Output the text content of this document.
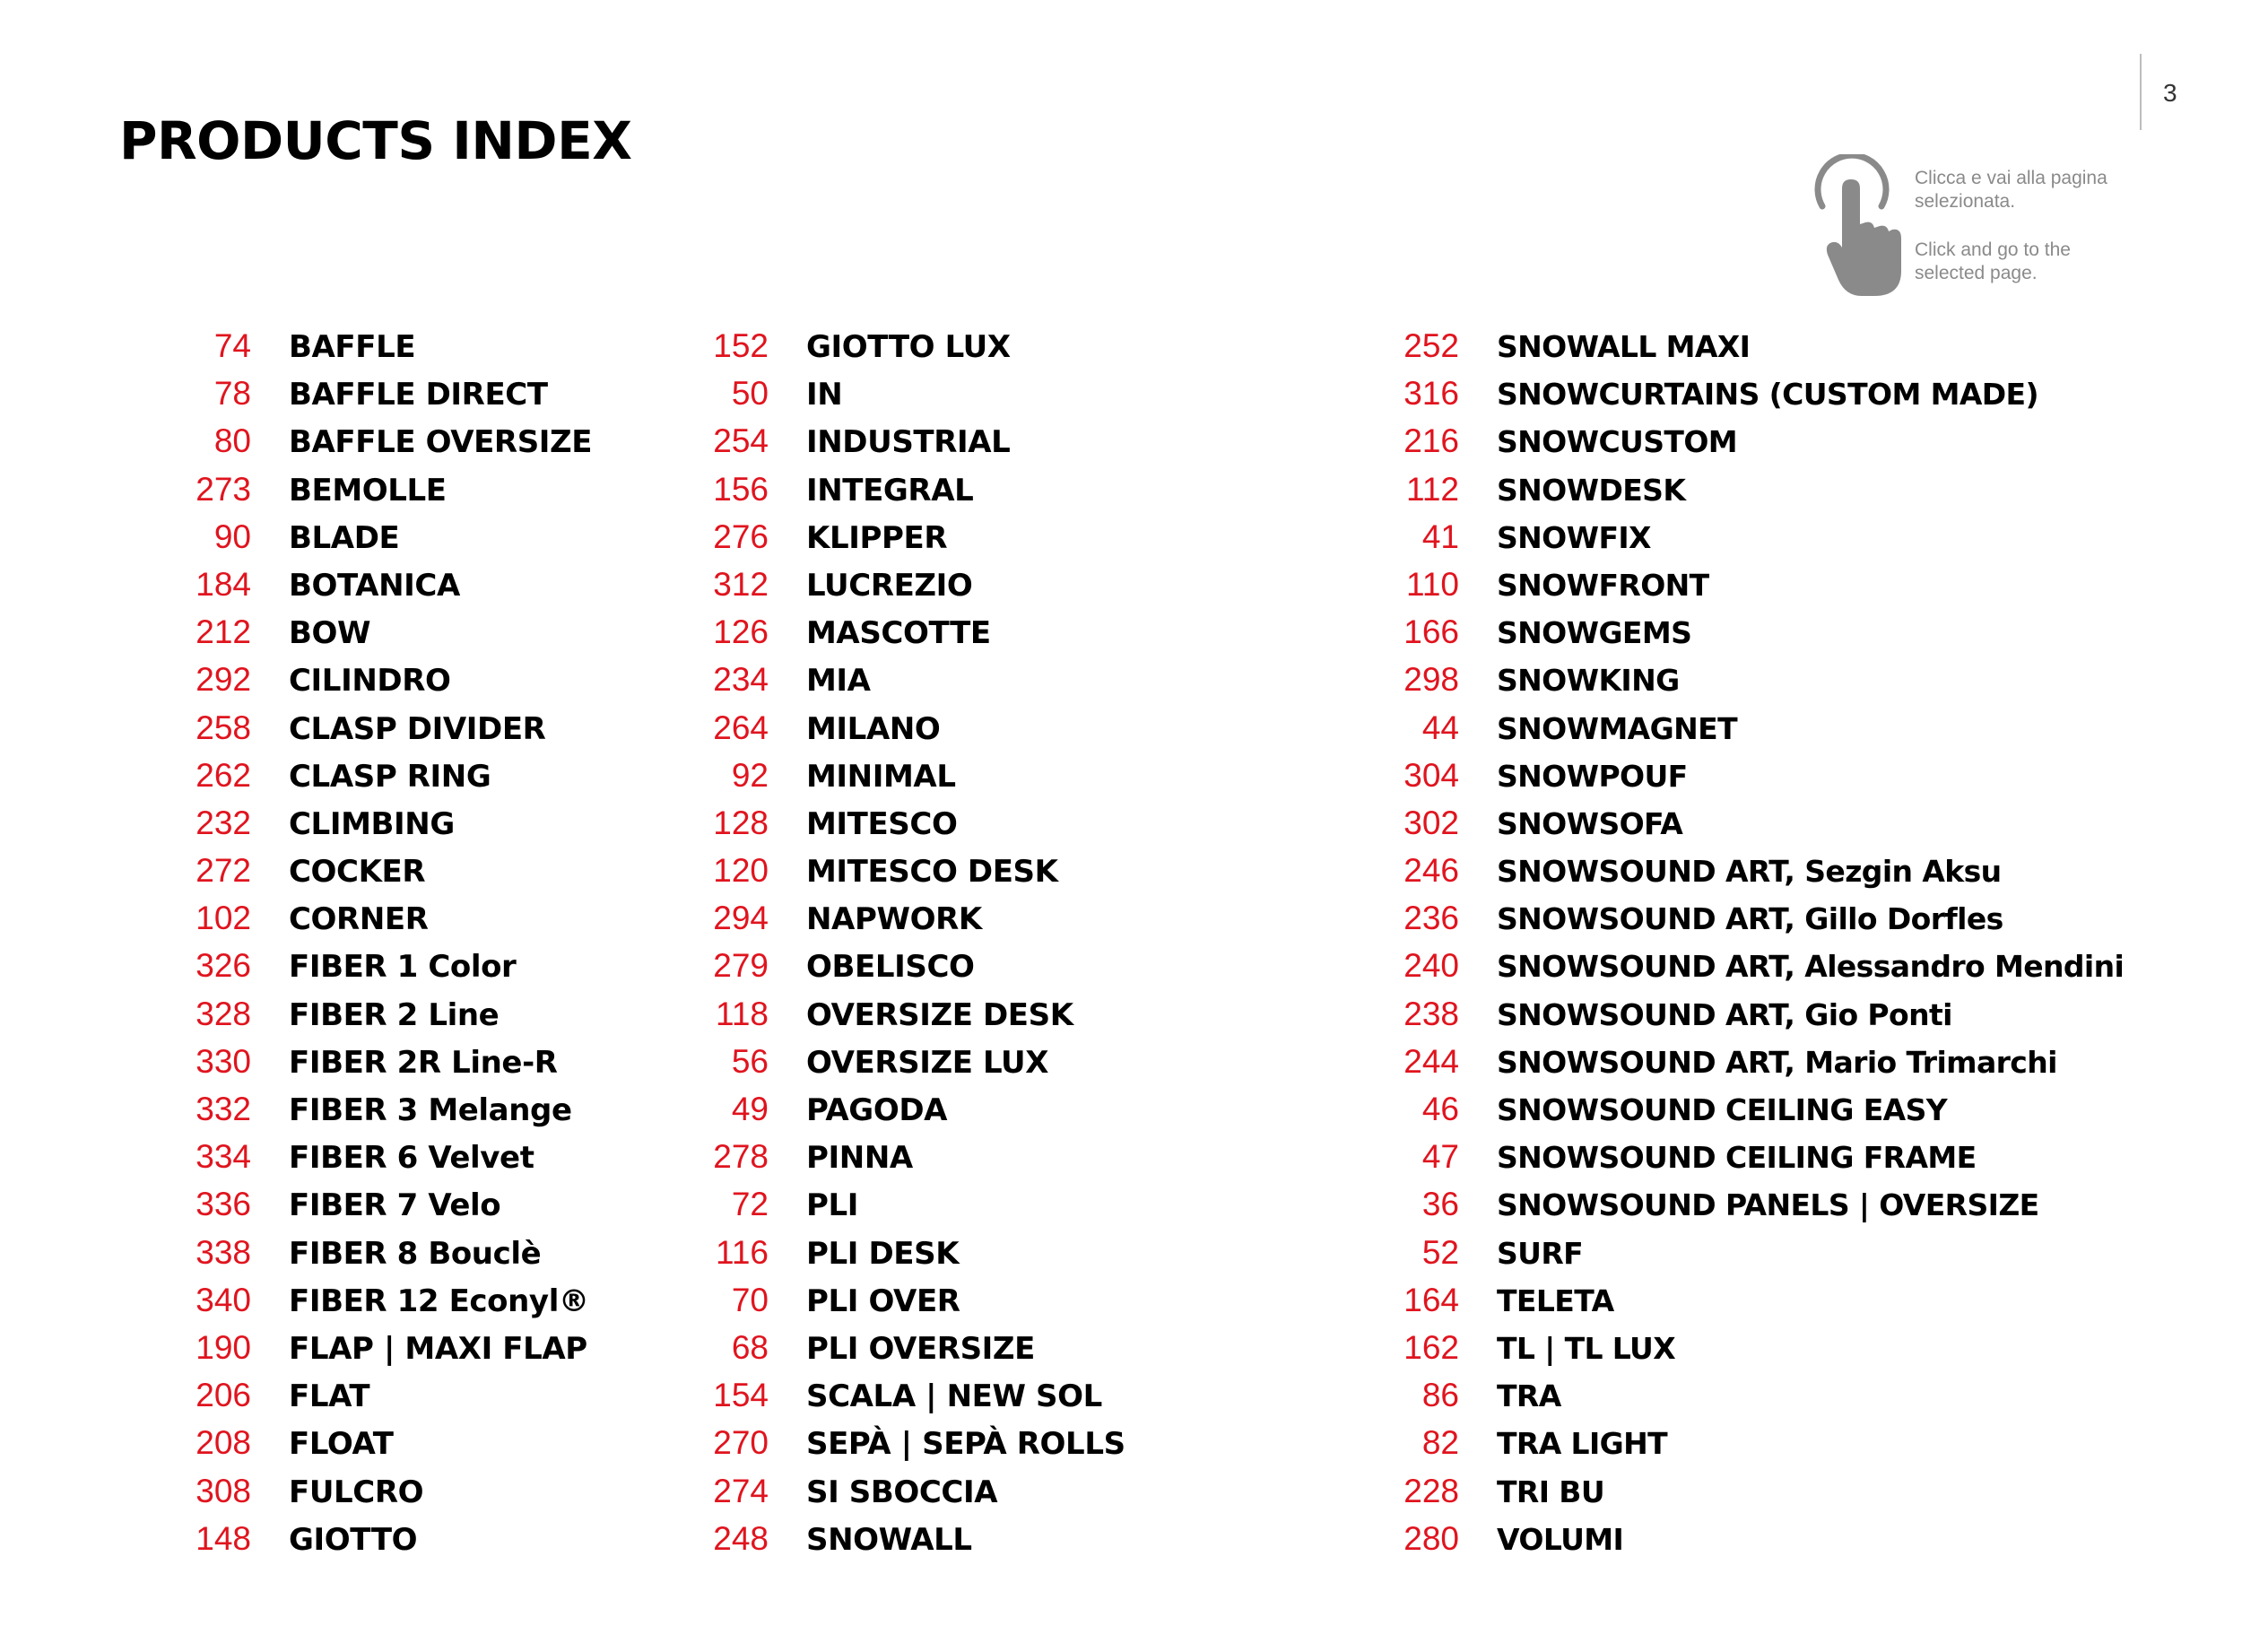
PRODUCTS INDEX
3

Clicca e vai alla pagina selezionata.

Click and go to the selected page.

74 BAFFLE
78 BAFFLE DIRECT
80 BAFFLE OVERSIZE
273 BEMOLLE
90 BLADE
184 BOTANICA
212 BOW
292 CILINDRO
258 CLASP DIVIDER
262 CLASP RING
232 CLIMBING
272 COCKER
102 CORNER
326 FIBER 1 Color
328 FIBER 2 Line
330 FIBER 2R Line-R
332 FIBER 3 Melange
334 FIBER 6 Velvet
336 FIBER 7 Velo
338 FIBER 8 Bouclè
340 FIBER 12 Econyl®
190 FLAP | MAXI FLAP
206 FLAT
208 FLOAT
308 FULCRO
148 GIOTTO
152 GIOTTO LUX
50 IN
254 INDUSTRIAL
156 INTEGRAL
276 KLIPPER
312 LUCREZIO
126 MASCOTTE
234 MIA
264 MILANO
92 MINIMAL
128 MITESCO
120 MITESCO DESK
294 NAPWORK
279 OBELISCO
118 OVERSIZE DESK
56 OVERSIZE LUX
49 PAGODA
278 PINNA
72 PLI
116 PLI DESK
70 PLI OVER
68 PLI OVERSIZE
154 SCALA | NEW SOL
270 SEPÀ | SEPÀ ROLLS
274 SI SBOCCIA
248 SNOWALL
252 SNOWALL MAXI
316 SNOWCURTAINS (CUSTOM MADE)
216 SNOWCUSTOM
112 SNOWDESK
41 SNOWFIX
110 SNOWFRONT
166 SNOWGEMS
298 SNOWKING
44 SNOWMAGNET
304 SNOWPOUF
302 SNOWSOFA
246 SNOWSOUND ART, Sezgin Aksu
236 SNOWSOUND ART, Gillo Dorfles
240 SNOWSOUND ART, Alessandro Mendini
238 SNOWSOUND ART, Gio Ponti
244 SNOWSOUND ART, Mario Trimarchi
46 SNOWSOUND CEILING EASY
47 SNOWSOUND CEILING FRAME
36 SNOWSOUND PANELS | OVERSIZE
52 SURF
164 TELETA
162 TL | TL LUX
86 TRA
82 TRA LIGHT
228 TRI BU
280 VOLUMI
